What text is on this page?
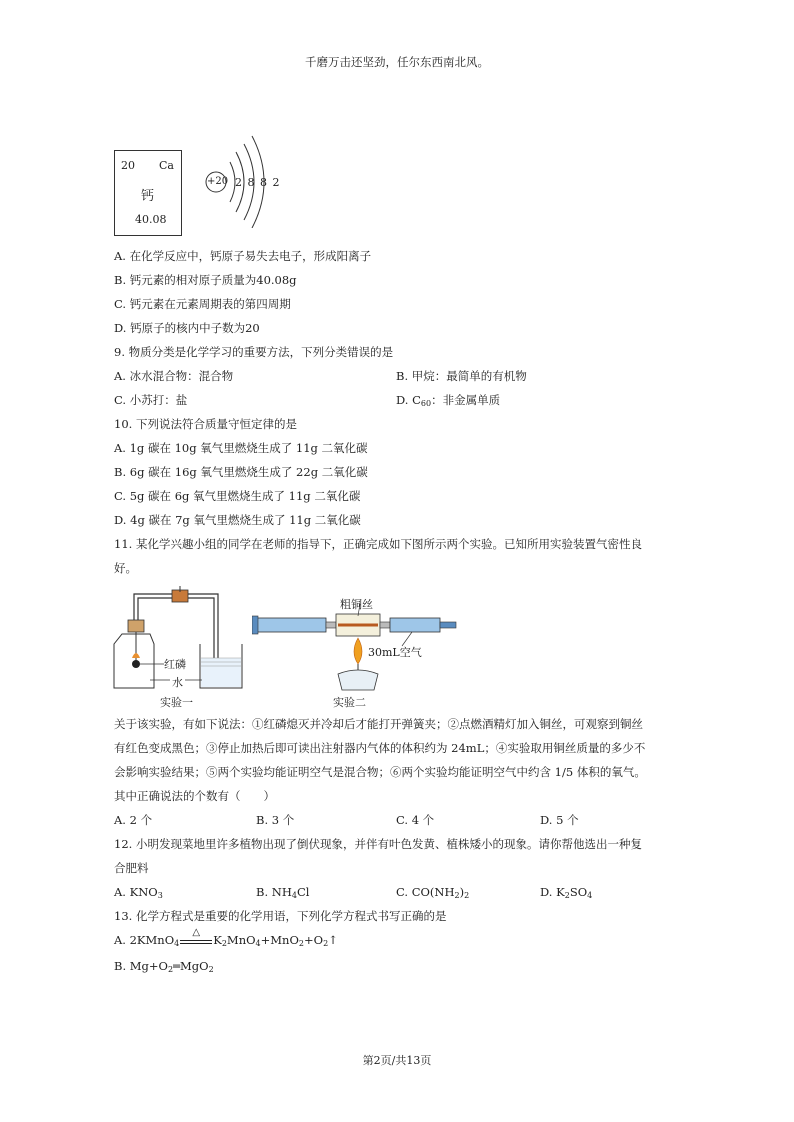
千磨万击还坚劲，任尔东西南北风。
20 Ca
钙
40.08
+20 2 8 8 2
A. 在化学反应中，钙原子易失去电子，形成阳离子
B. 钙元素的相对原子质量为40.08g
C. 钙元素在元素周期表的第四周期
D. 钙原子的核内中子数为20
9. 物质分类是化学学习的重要方法，下列分类错误的是
A. 冰水混合物：混合物	B. 甲烷：最简单的有机物
C. 小苏打：盐	D. $C_{60}$：非金属单质
10. 下列说法符合质量守恒定律的是
A. 1g 碳在 10g 氧气里燃烧生成了 11g 二氧化碳
B. 6g 碳在 16g 氧气里燃烧生成了 22g 二氧化碳
C. 5g 碳在 6g 氧气里燃烧生成了 11g 二氧化碳
D. 4g 碳在 7g 氧气里燃烧生成了 11g 二氧化碳
11. 某化学兴趣小组的同学在老师的指导下，正确完成如下图所示两个实验。已知所用实验装置气密性良
好。
红磷
水
实验一
粗铜丝
30mL空气
实验二
关于该实验，有如下说法：①红磷熄灭并冷却后才能打开弹簧夹；②点燃酒精灯加入铜丝，可观察到铜丝
有红色变成黑色；③停止加热后即可读出注射器内气体的体积约为 24mL；④实验取用铜丝质量的多少不
会影响实验结果；⑤两个实验均能证明空气是混合物；⑥两个实验均能证明空气中约含 1/5 体积的氧气。
其中正确说法的个数有（　　）
A. 2 个	B. 3 个	C. 4 个	D. 5 个
12. 小明发现菜地里许多植物出现了倒伏现象，并伴有叶色发黄、植株矮小的现象。请你帮他选出一种复
合肥料
A. $KNO_3$	B. $NH_4Cl$	C. $CO(NH_2)_2$	D. $K_2SO_4$
13. 化学方程式是重要的化学用语，下列化学方程式书写正确的是
A. 2KMnO$_4$
△
$K_2MnO_4+MnO_2+O_2↑$
B. $Mg+O_2═MgO_2$
第2页/共13页
